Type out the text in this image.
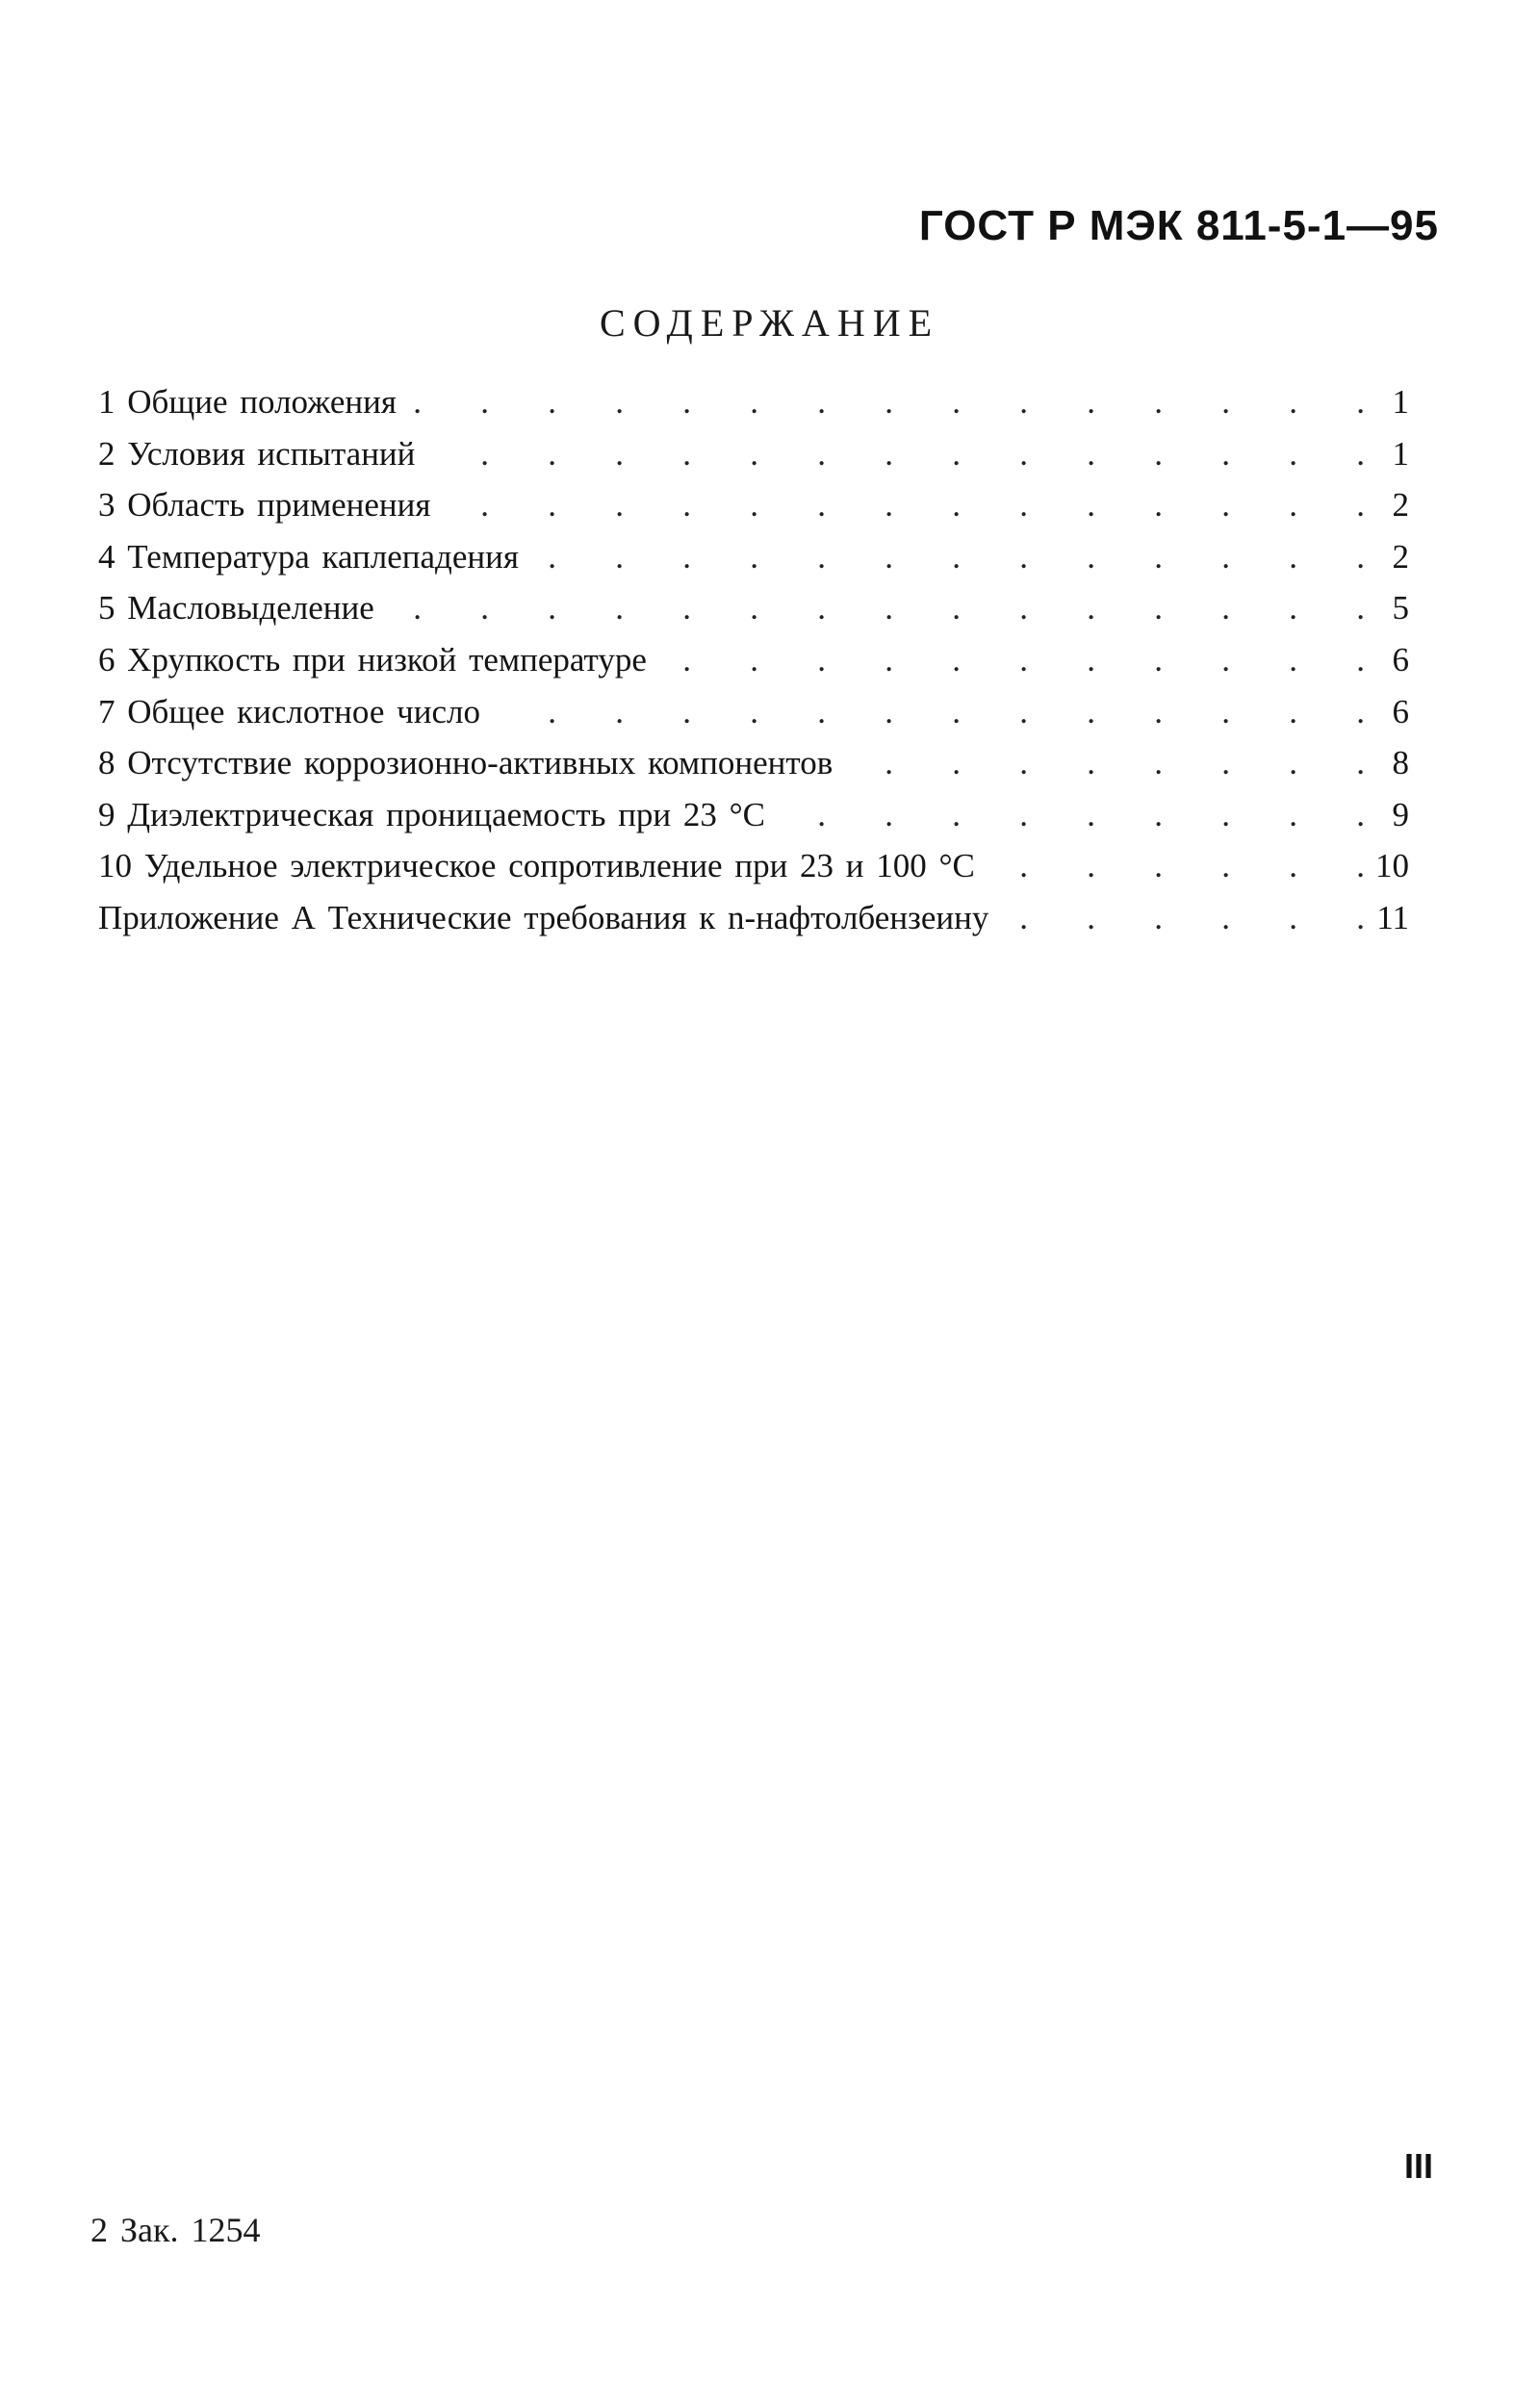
ГОСТ Р МЭК 811-5-1—95
СОДЕРЖАНИЕ
1 Общие положения .	1
2 Условия испытаний .	1
3 Область применения .	2
4 Температура каплепадения .	2
5 Масловыделение .	5
6 Хрупкость при низкой температуре .	6
7 Общее кислотное число .	6
8 Отсутствие коррозионно-активных компонентов .	8
9 Диэлектрическая проницаемость при 23 °С .	9
10 Удельное электрическое сопротивление при 23 и 100 °С .	10
Приложение А Технические требования к n-нафтолбензеину .	11
III
2 Зак. 1254
